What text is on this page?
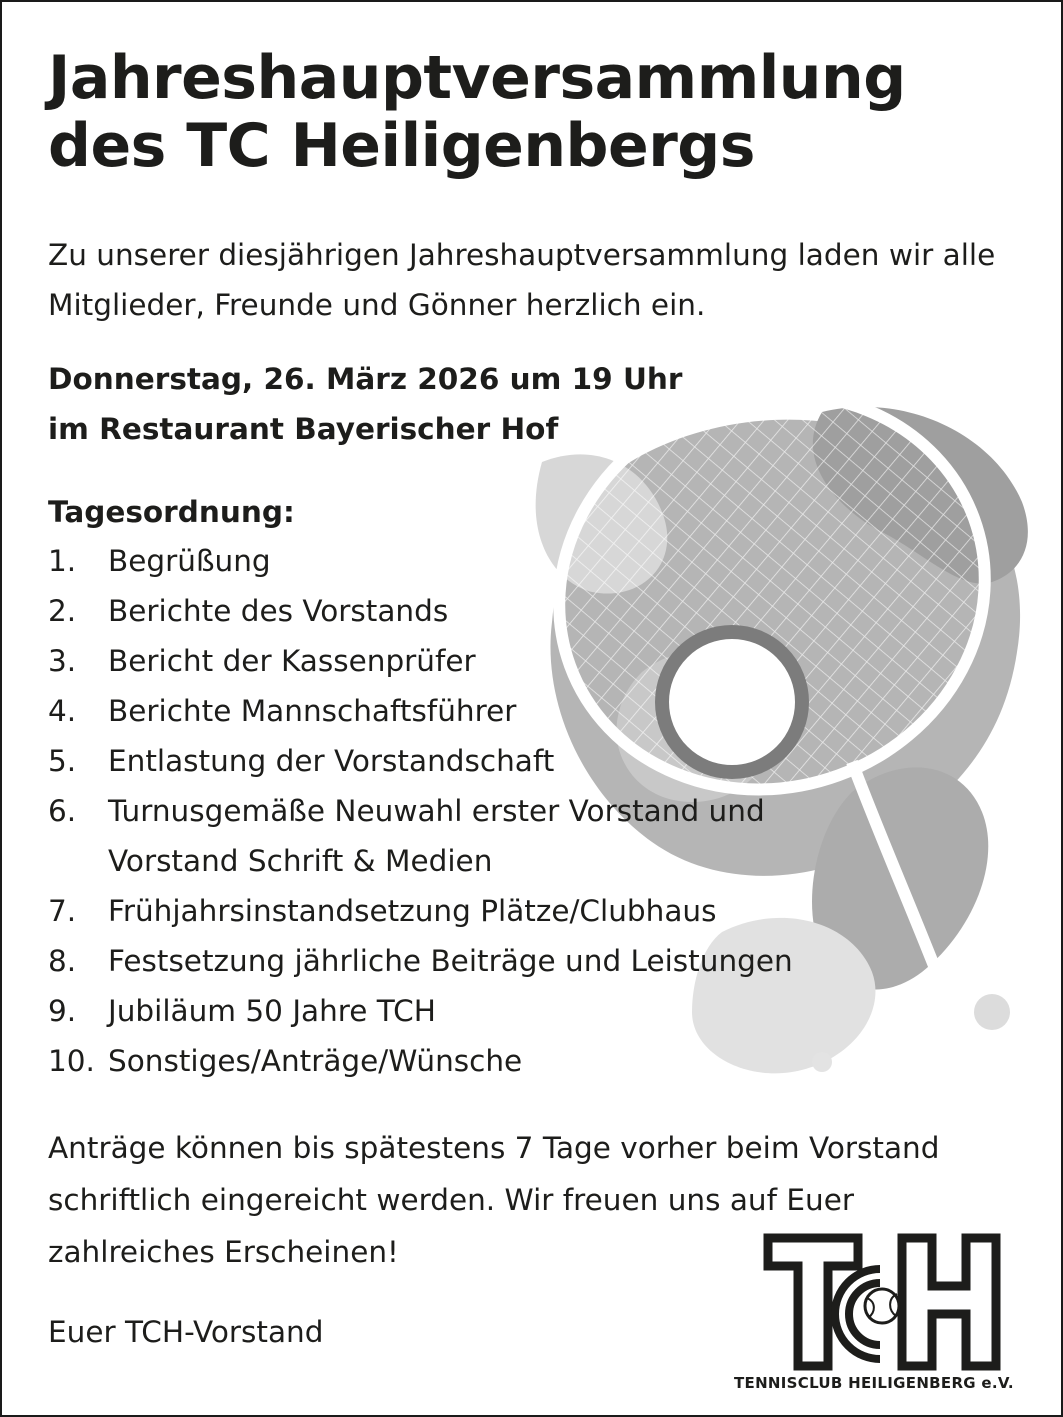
Jahreshauptversammlung
des TC Heiligenbergs

Zu unserer diesjährigen Jahreshauptversammlung laden wir alle Mitglieder, Freunde und Gönner herzlich ein.

Donnerstag, 26. März 2026 um 19 Uhr
im Restaurant Bayerischer Hof

Tagesordnung:

1.	Begrüßung
2.	Berichte des Vorstands
3.	Bericht der Kassenprüfer
4.	Berichte Mannschaftsführer
5.	Entlastung der Vorstandschaft
6.	Turnusgemäße Neuwahl erster Vorstand und Vorstand Schrift & Medien
7.	Frühjahrsinstandsetzung Plätze/Clubhaus
8.	Festsetzung jährliche Beiträge und Leistungen
9.	Jubiläum 50 Jahre TCH
10. Sonstiges/Anträge/Wünsche

Anträge können bis spätestens 7 Tage vorher beim Vorstand schriftlich eingereicht werden. Wir freuen uns auf Euer zahlreiches Erscheinen!

Euer TCH-Vorstand

TENNISCLUB HEILIGENBERG e.V.
